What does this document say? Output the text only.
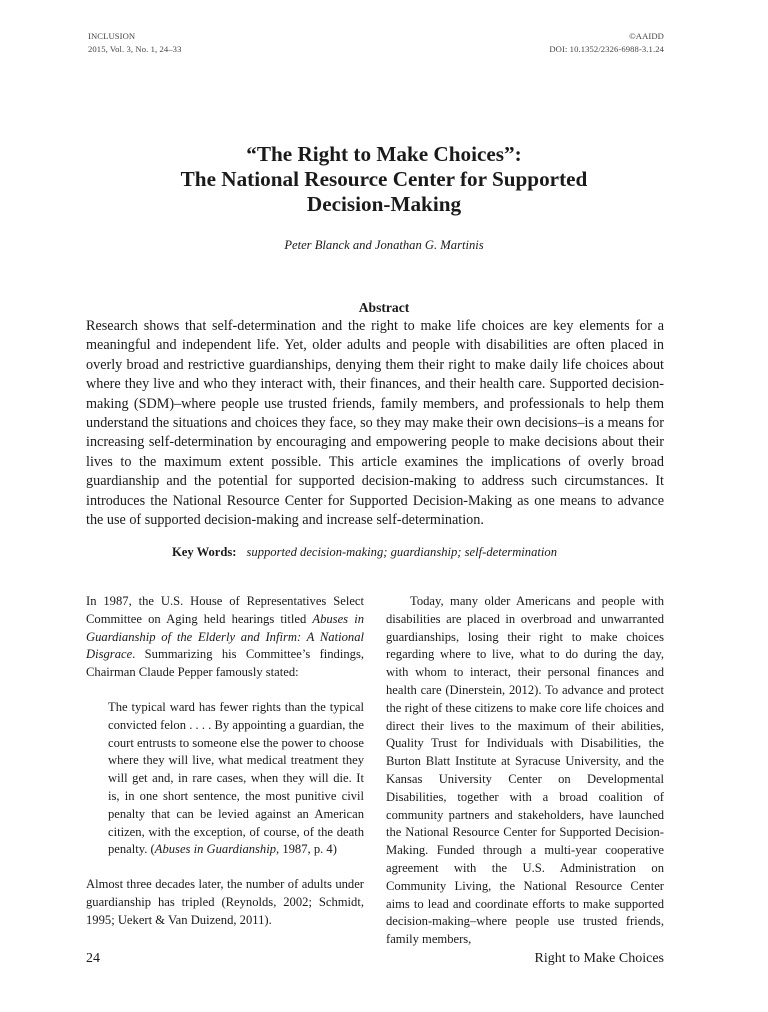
INCLUSION
2015, Vol. 3, No. 1, 24–33
©AAIDD
DOI: 10.1352/2326-6988-3.1.24
“The Right to Make Choices”:
The National Resource Center for Supported
Decision-Making
Peter Blanck and Jonathan G. Martinis
Abstract
Research shows that self-determination and the right to make life choices are key elements for a meaningful and independent life. Yet, older adults and people with disabilities are often placed in overly broad and restrictive guardianships, denying them their right to make daily life choices about where they live and who they interact with, their finances, and their health care. Supported decision-making (SDM)–where people use trusted friends, family members, and professionals to help them understand the situations and choices they face, so they may make their own decisions–is a means for increasing self-determination by encouraging and empowering people to make decisions about their lives to the maximum extent possible. This article examines the implications of overly broad guardianship and the potential for supported decision-making to address such circumstances. It introduces the National Resource Center for Supported Decision-Making as one means to advance the use of supported decision-making and increase self-determination.
Key Words: supported decision-making; guardianship; self-determination

In 1987, the U.S. House of Representatives Select Committee on Aging held hearings titled Abuses in Guardianship of the Elderly and Infirm: A National Disgrace. Summarizing his Committee’s findings, Chairman Claude Pepper famously stated:

The typical ward has fewer rights than the typical convicted felon . . . . By appointing a guardian, the court entrusts to someone else the power to choose where they will live, what medical treatment they will get and, in rare cases, when they will die. It is, in one short sentence, the most punitive civil penalty that can be levied against an American citizen, with the exception, of course, of the death penalty. (Abuses in Guardianship, 1987, p. 4)

Almost three decades later, the number of adults under guardianship has tripled (Reynolds, 2002; Schmidt, 1995; Uekert & Van Duizend, 2011).

Today, many older Americans and people with disabilities are placed in overbroad and unwarranted guardianships, losing their right to make choices regarding where to live, what to do during the day, with whom to interact, their personal finances and health care (Dinerstein, 2012). To advance and protect the right of these citizens to make core life choices and direct their lives to the maximum of their abilities, Quality Trust for Individuals with Disabilities, the Burton Blatt Institute at Syracuse University, and the Kansas University Center on Developmental Disabilities, together with a broad coalition of community partners and stakeholders, have launched the National Resource Center for Supported Decision-Making. Funded through a multi-year cooperative agreement with the U.S. Administration on Community Living, the National Resource Center aims to lead and coordinate efforts to make supported decision-making–where people use trusted friends, family members,

24	Right to Make Choices
